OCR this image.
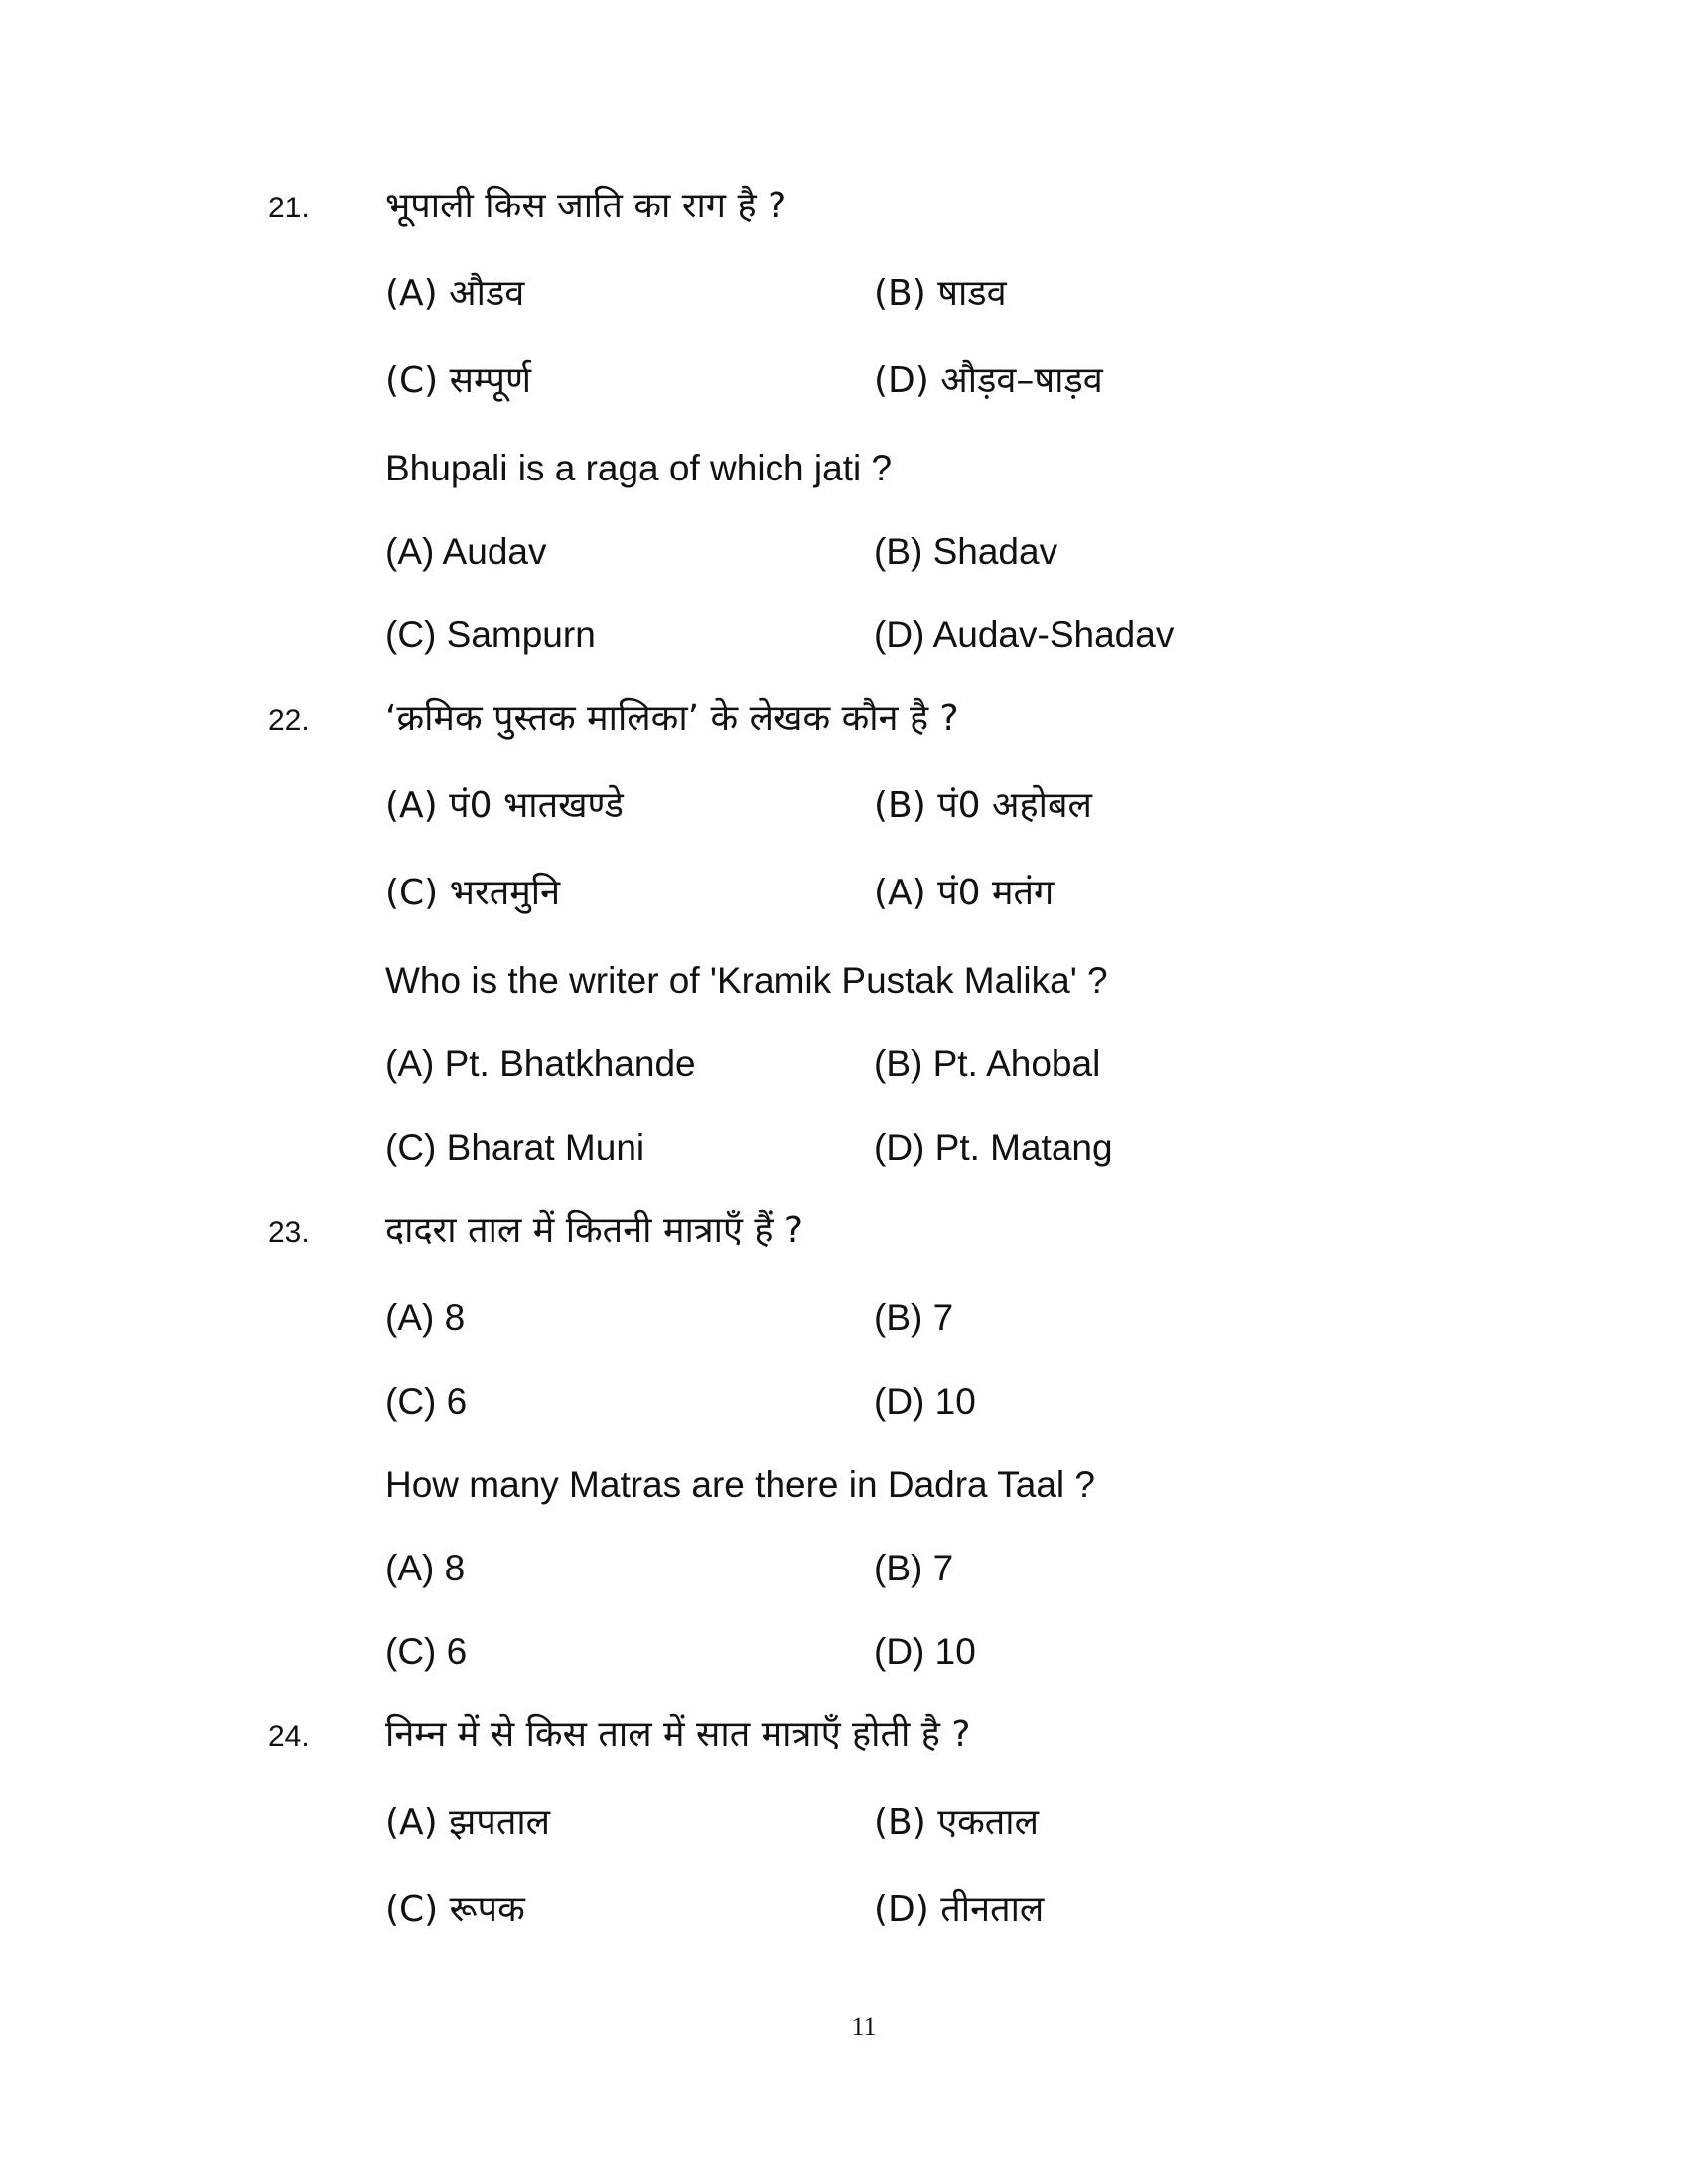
21. भूपाली किस जाति का राग है ?
(A) औडव	(B) षाडव
(C) सम्पूर्ण	(D) औड़व–षाड़व
Bhupali is a raga of which jati ?
(A) Audav	(B) Shadav
(C) Sampurn	(D) Audav-Shadav
22. ‘क्रमिक पुस्तक मालिका’ के लेखक कौन है ?
(A) पं0 भातखण्डे	(B) पं0 अहोबल
(C) भरतमुनि	(A) पं0 मतंग
Who is the writer of 'Kramik Pustak Malika' ?
(A) Pt. Bhatkhande	(B) Pt. Ahobal
(C) Bharat Muni	(D) Pt. Matang
23. दादरा ताल में कितनी मात्राएँ हैं ?
(A) 8	(B) 7
(C) 6	(D) 10
How many Matras are there in Dadra Taal ?
(A) 8	(B) 7
(C) 6	(D) 10
24. निम्न में से किस ताल में सात मात्राएँ होती है ?
(A) झपताल	(B) एकताल
(C) रूपक	(D) तीनताल
11
